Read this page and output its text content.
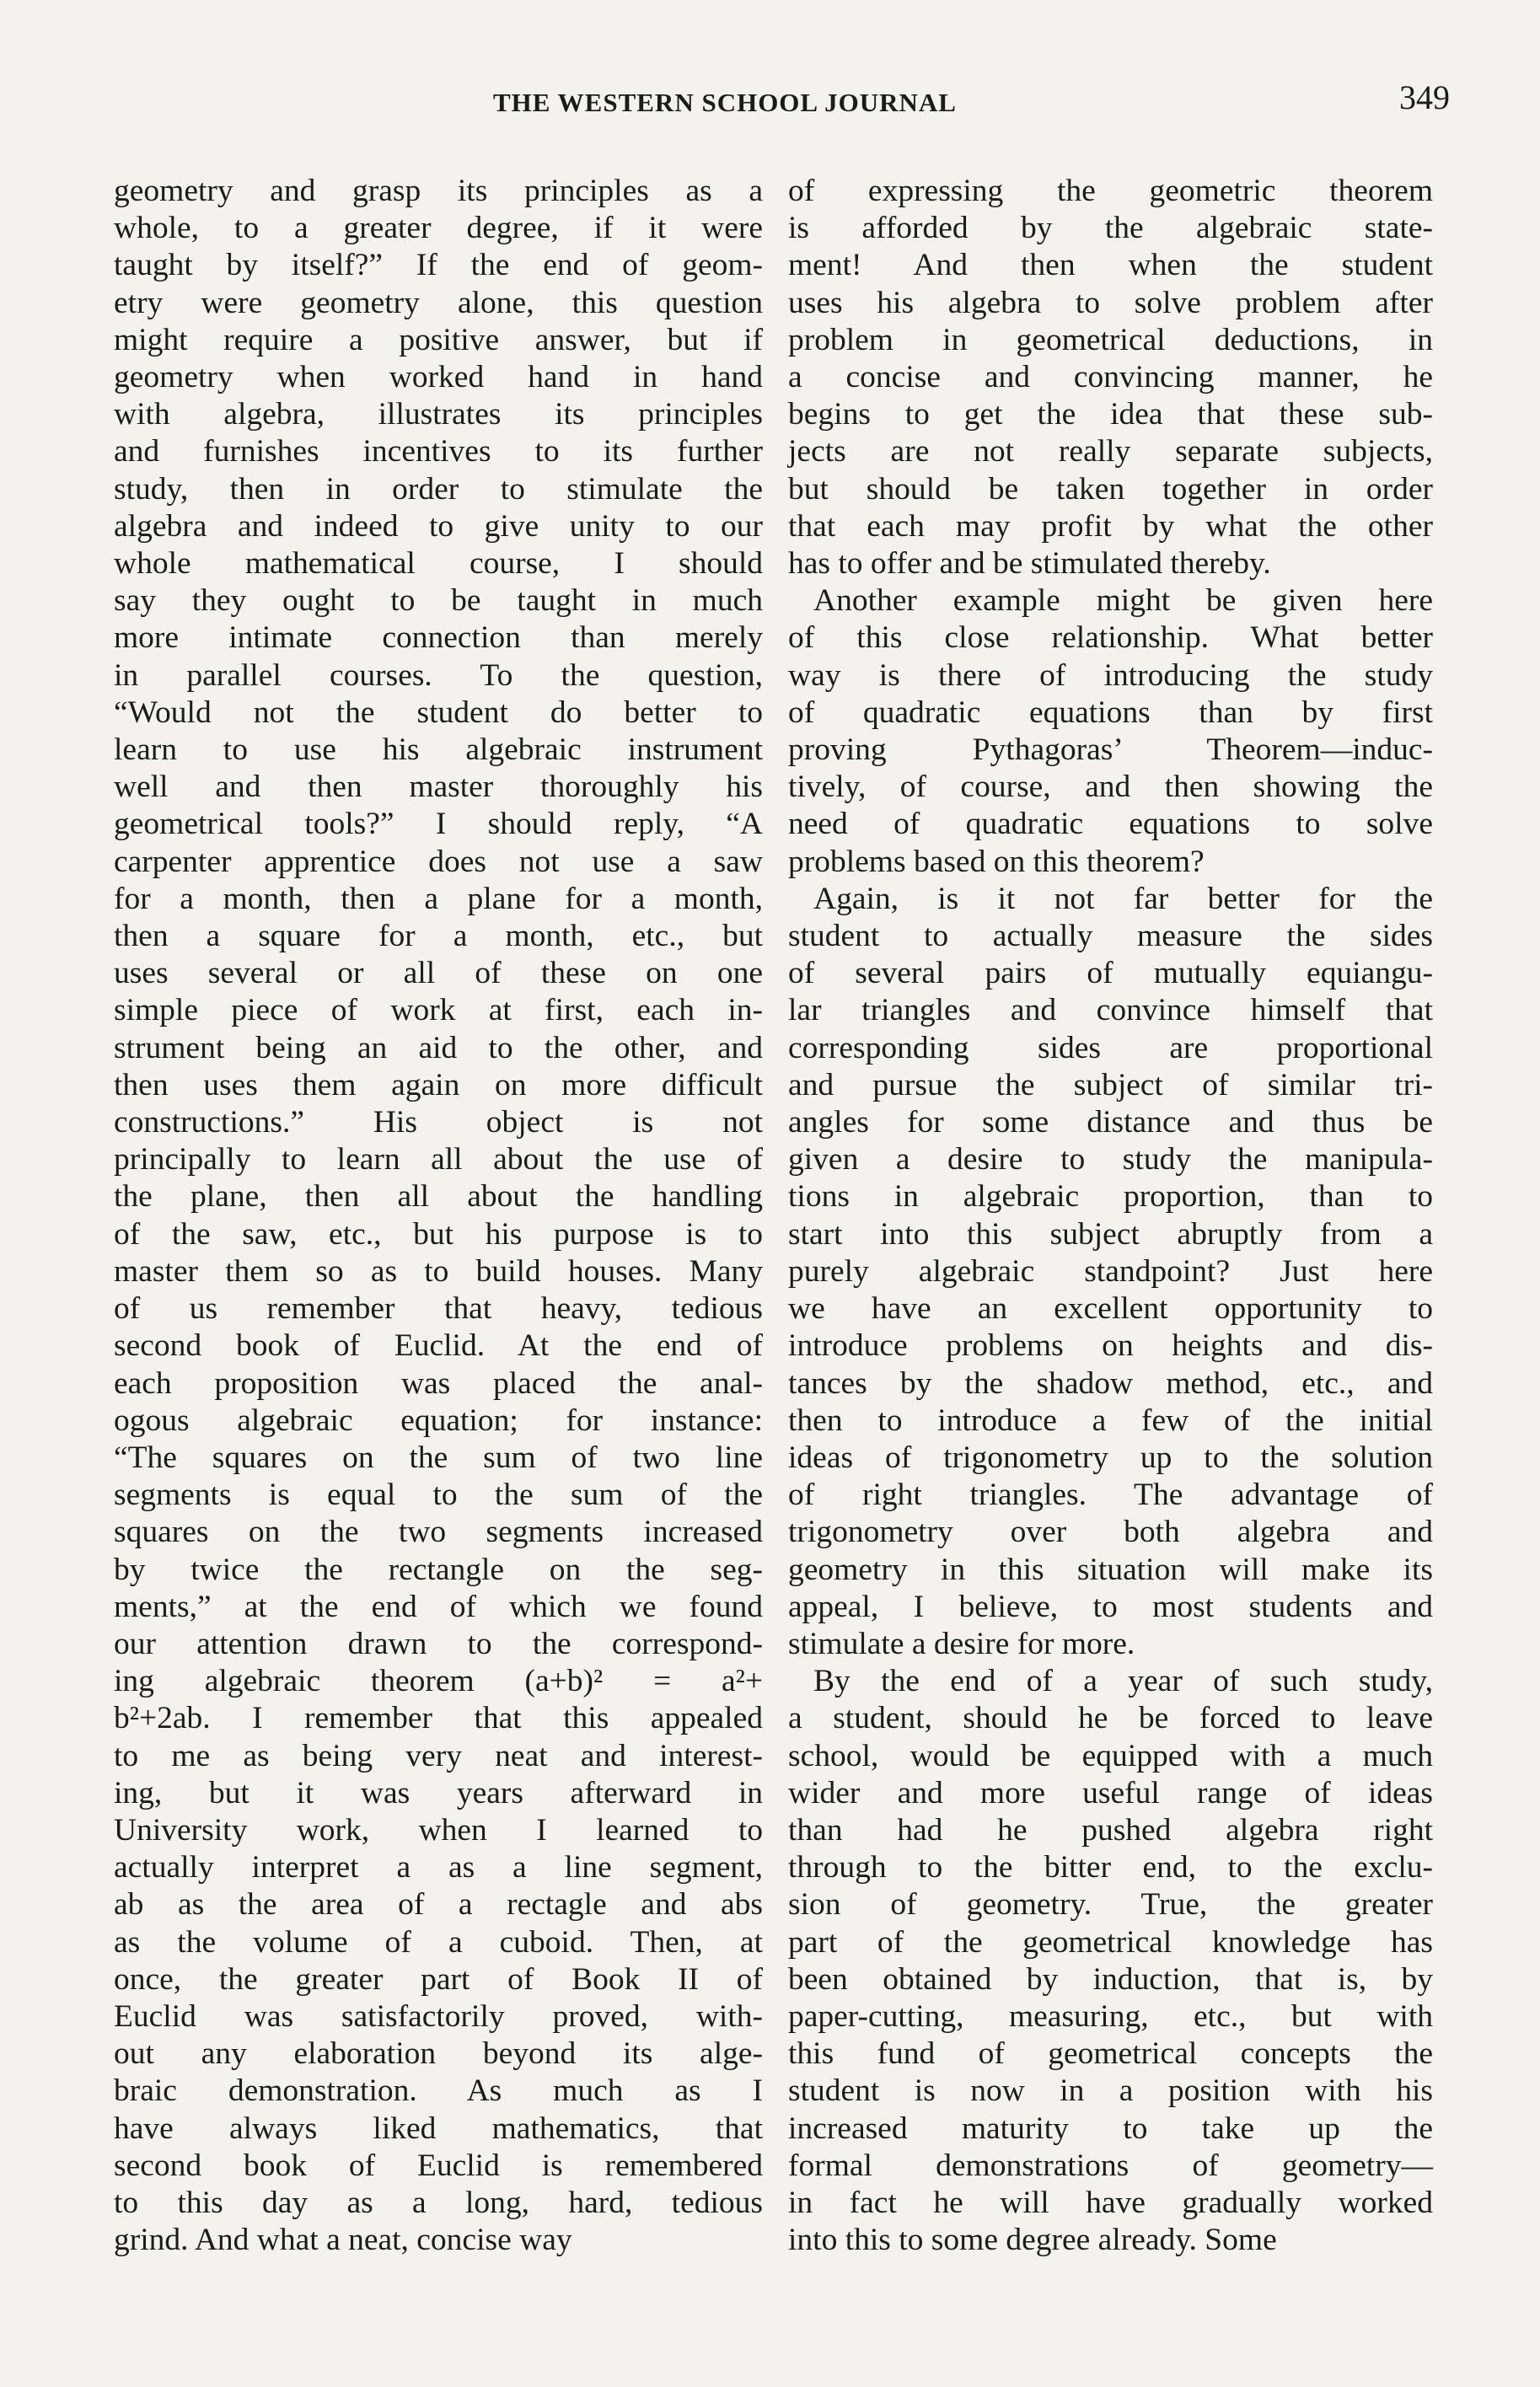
THE WESTERN SCHOOL JOURNAL	349
geometry and grasp its principles as a
whole, to a greater degree, if it were
taught by itself?” If the end of geom-
etry were geometry alone, this question
might require a positive answer, but if
geometry when worked hand in hand
with algebra, illustrates its principles
and furnishes incentives to its further
study, then in order to stimulate the
algebra and indeed to give unity to our
whole mathematical course, I should
say they ought to be taught in much
more intimate connection than merely
in parallel courses. To the question,
“Would not the student do better to
learn to use his algebraic instrument
well and then master thoroughly his
geometrical tools?” I should reply, “A
carpenter apprentice does not use a saw
for a month, then a plane for a month,
then a square for a month, etc., but
uses several or all of these on one
simple piece of work at first, each in-
strument being an aid to the other, and
then uses them again on more difficult
constructions.” His object is not
principally to learn all about the use of
the plane, then all about the handling
of the saw, etc., but his purpose is to
master them so as to build houses. Many
of us remember that heavy, tedious
second book of Euclid. At the end of
each proposition was placed the anal-
ogous algebraic equation; for instance:
“The squares on the sum of two line
segments is equal to the sum of the
squares on the two segments increased
by twice the rectangle on the seg-
ments,” at the end of which we found
our attention drawn to the correspond-
ing algebraic theorem (a+b)² = a²+
b²+2ab. I remember that this appealed
to me as being very neat and interest-
ing, but it was years afterward in
University work, when I learned to
actually interpret a as a line segment,
ab as the area of a rectagle and abs
as the volume of a cuboid. Then, at
once, the greater part of Book II of
Euclid was satisfactorily proved, with-
out any elaboration beyond its alge-
braic demonstration. As much as I
have always liked mathematics, that
second book of Euclid is remembered
to this day as a long, hard, tedious
grind. And what a neat, concise way
of expressing the geometric theorem
is afforded by the algebraic state-
ment! And then when the student
uses his algebra to solve problem after
problem in geometrical deductions, in
a concise and convincing manner, he
begins to get the idea that these sub-
jects are not really separate subjects,
but should be taken together in order
that each may profit by what the other
has to offer and be stimulated thereby.
Another example might be given here
of this close relationship. What better
way is there of introducing the study
of quadratic equations than by first
proving Pythagoras’ Theorem—induc-
tively, of course, and then showing the
need of quadratic equations to solve
problems based on this theorem?
Again, is it not far better for the
student to actually measure the sides
of several pairs of mutually equiangu-
lar triangles and convince himself that
corresponding sides are proportional
and pursue the subject of similar tri-
angles for some distance and thus be
given a desire to study the manipula-
tions in algebraic proportion, than to
start into this subject abruptly from a
purely algebraic standpoint? Just here
we have an excellent opportunity to
introduce problems on heights and dis-
tances by the shadow method, etc., and
then to introduce a few of the initial
ideas of trigonometry up to the solution
of right triangles. The advantage of
trigonometry over both algebra and
geometry in this situation will make its
appeal, I believe, to most students and
stimulate a desire for more.
By the end of a year of such study,
a student, should he be forced to leave
school, would be equipped with a much
wider and more useful range of ideas
than had he pushed algebra right
through to the bitter end, to the exclu-
sion of geometry. True, the greater
part of the geometrical knowledge has
been obtained by induction, that is, by
paper-cutting, measuring, etc., but with
this fund of geometrical concepts the
student is now in a position with his
increased maturity to take up the
formal demonstrations of geometry—
in fact he will have gradually worked
into this to some degree already. Some
